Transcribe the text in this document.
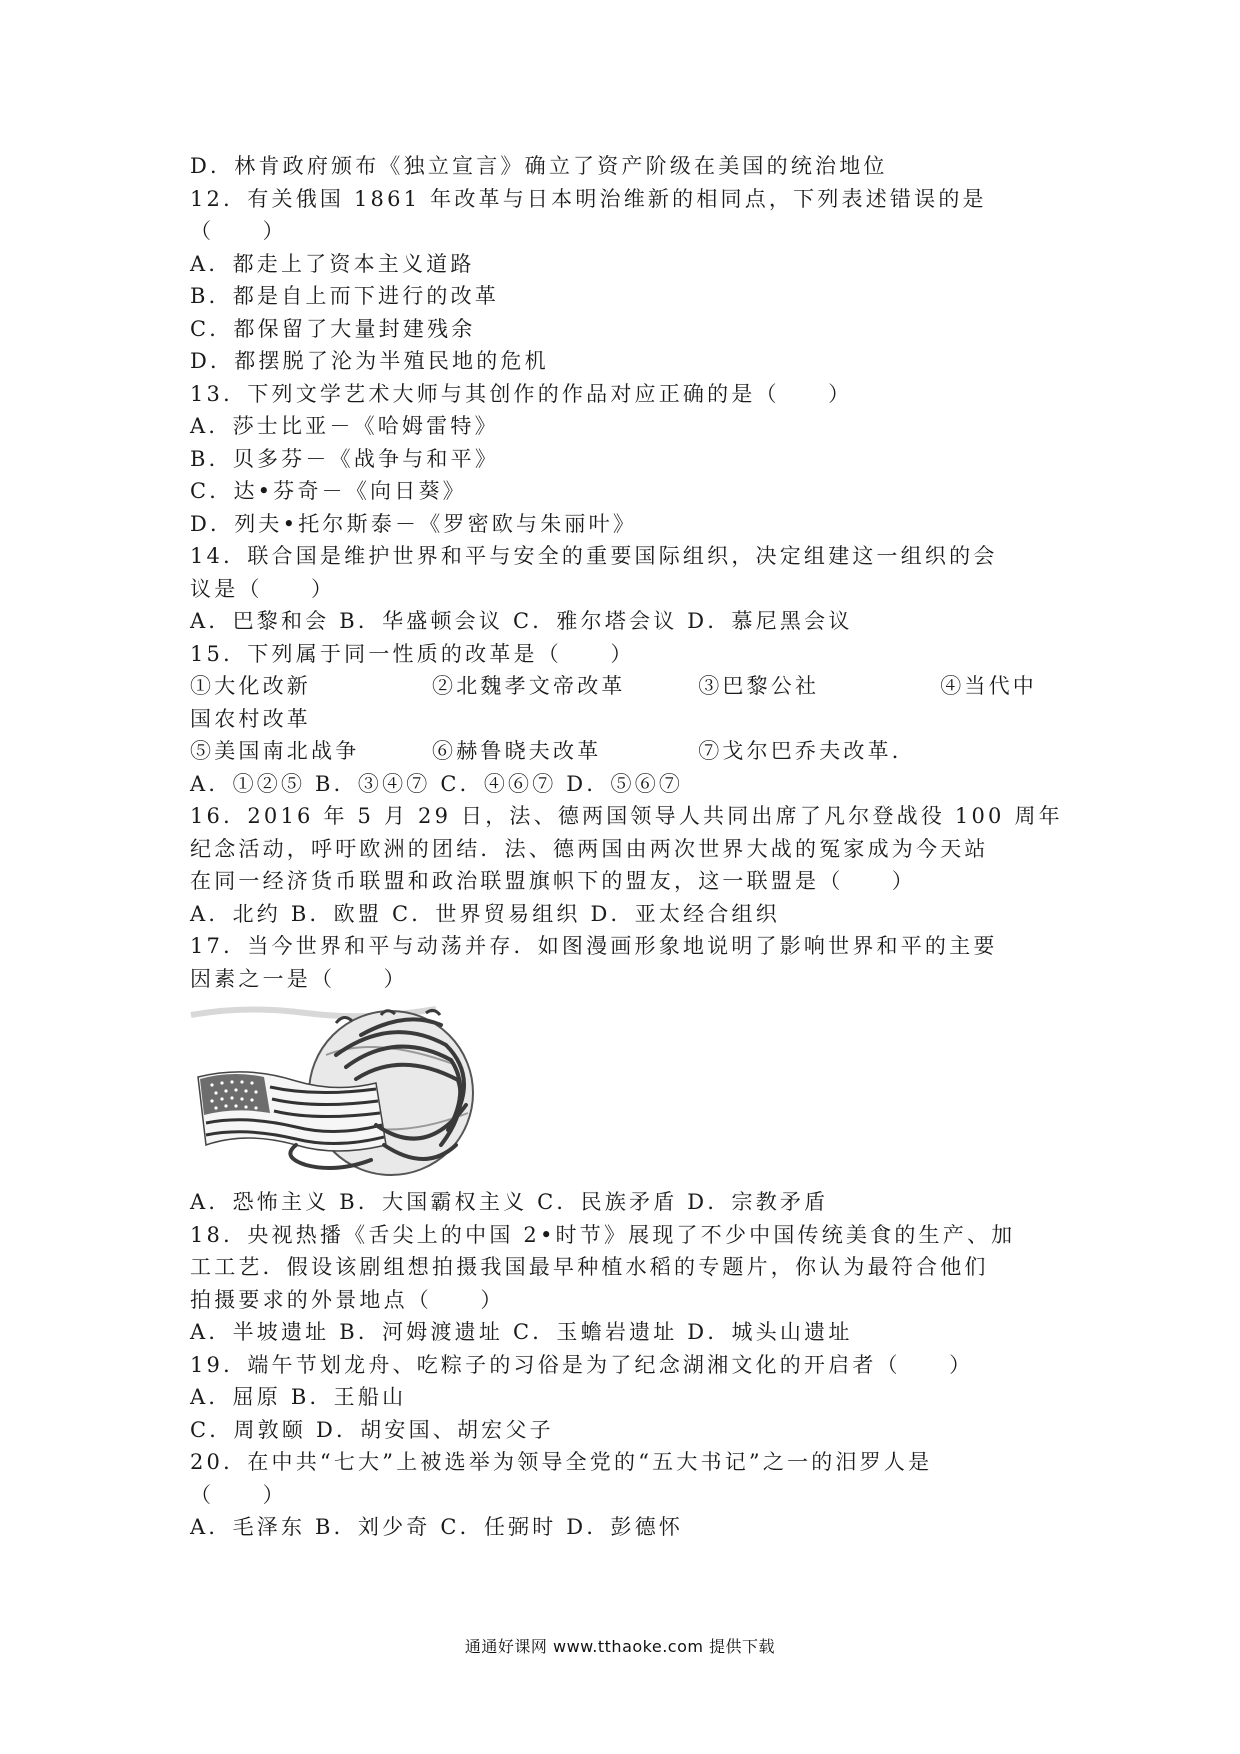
D．林肯政府颁布《独立宣言》确立了资产阶级在美国的统治地位
12．有关俄国 1861 年改革与日本明治维新的相同点，下列表述错误的是
（　　）
A．都走上了资本主义道路
B．都是自上而下进行的改革
C．都保留了大量封建残余
D．都摆脱了沦为半殖民地的危机
13．下列文学艺术大师与其创作的作品对应正确的是（　　）
A．莎士比亚－《哈姆雷特》
B．贝多芬－《战争与和平》
C．达•芬奇－《向日葵》
D．列夫•托尔斯泰－《罗密欧与朱丽叶》
14．联合国是维护世界和平与安全的重要国际组织，决定组建这一组织的会
议是（　　）
A．巴黎和会 B．华盛顿会议 C．雅尔塔会议 D．慕尼黑会议
15．下列属于同一性质的改革是（　　）
①大化改新　　　　　②北魏孝文帝改革　　　③巴黎公社　　　　　④当代中
国农村改革
⑤美国南北战争　　　⑥赫鲁晓夫改革　　　　⑦戈尔巴乔夫改革．
A．①②⑤ B．③④⑦ C．④⑥⑦ D．⑤⑥⑦
16．2016 年 5 月 29 日，法、德两国领导人共同出席了凡尔登战役 100 周年
纪念活动，呼吁欧洲的团结．法、德两国由两次世界大战的冤家成为今天站
在同一经济货币联盟和政治联盟旗帜下的盟友，这一联盟是（　　）
A．北约 B．欧盟 C．世界贸易组织 D．亚太经合组织
17．当今世界和平与动荡并存．如图漫画形象地说明了影响世界和平的主要
因素之一是（　　）
A．恐怖主义 B．大国霸权主义 C．民族矛盾 D．宗教矛盾
18．央视热播《舌尖上的中国 2•时节》展现了不少中国传统美食的生产、加
工工艺．假设该剧组想拍摄我国最早种植水稻的专题片，你认为最符合他们
拍摄要求的外景地点（　　）
A．半坡遗址 B．河姆渡遗址 C．玉蟾岩遗址 D．城头山遗址
19．端午节划龙舟、吃粽子的习俗是为了纪念湖湘文化的开启者（　　）
A．屈原 B．王船山
C．周敦颐 D．胡安国、胡宏父子
20．在中共“七大”上被选举为领导全党的“五大书记”之一的汨罗人是
（　　）
A．毛泽东 B．刘少奇 C．任弼时 D．彭德怀
通通好课网 www.tthaoke.com 提供下载
